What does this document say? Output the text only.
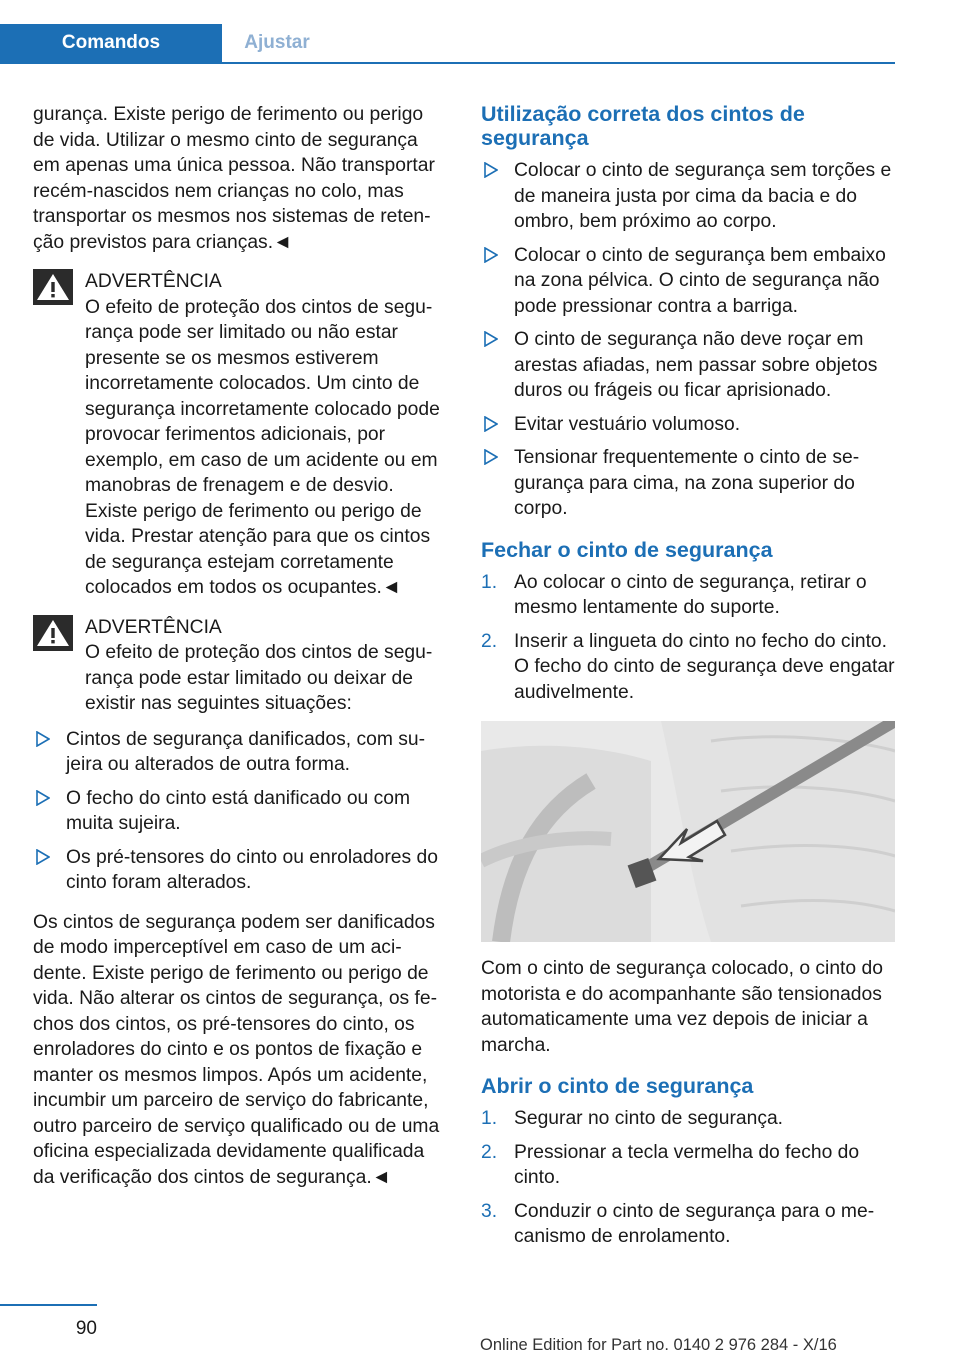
Comandos	Ajustar

gurança. Existe perigo de ferimento ou perigo de vida. Utilizar o mesmo cinto de segurança em apenas uma única pessoa. Não transportar recém-nascidos nem crianças no colo, mas transportar os mesmos nos sistemas de retenção previstos para crianças.◄

ADVERTÊNCIA
O efeito de proteção dos cintos de segurança pode ser limitado ou não estar presente se os mesmos estiverem incorretamente colocados. Um cinto de segurança incorretamente colocado pode provocar ferimentos adicionais, por exemplo, em caso de um acidente ou em manobras de frenagem e de desvio. Existe perigo de ferimento ou perigo de vida. Prestar atenção para que os cintos de segurança estejam corretamente colocados em todos os ocupantes.◄
ADVERTÊNCIA
O efeito de proteção dos cintos de segurança pode estar limitado ou deixar de existir nas seguintes situações:
Cintos de segurança danificados, com sujeira ou alterados de outra forma.
O fecho do cinto está danificado ou com muita sujeira.
Os pré-tensores do cinto ou enroladores do cinto foram alterados.

Os cintos de segurança podem ser danificados de modo imperceptível em caso de um acidente. Existe perigo de ferimento ou perigo de vida. Não alterar os cintos de segurança, os fechos dos cintos, os pré-tensores do cinto, os enroladores do cinto e os pontos de fixação e manter os mesmos limpos. Após um acidente, incumbir um parceiro de serviço do fabricante, outro parceiro de serviço qualificado ou de uma oficina especializada devidamente qualificada da verificação dos cintos de segurança.◄

Utilização correta dos cintos de segurança
Colocar o cinto de segurança sem torções e de maneira justa por cima da bacia e do ombro, bem próximo ao corpo.
Colocar o cinto de segurança bem embaixo na zona pélvica. O cinto de segurança não pode pressionar contra a barriga.
O cinto de segurança não deve roçar em arestas afiadas, nem passar sobre objetos duros ou frágeis ou ficar aprisionado.
Evitar vestuário volumoso.
Tensionar frequentemente o cinto de segurança para cima, na zona superior do corpo.
Fechar o cinto de segurança
1. Ao colocar o cinto de segurança, retirar o mesmo lentamente do suporte.
2. Inserir a lingueta do cinto no fecho do cinto. O fecho do cinto de segurança deve engatar audivelmente.

Com o cinto de segurança colocado, o cinto do motorista e do acompanhante são tensionados automaticamente uma vez depois de iniciar a marcha.

Abrir o cinto de segurança
1. Segurar no cinto de segurança.
2. Pressionar a tecla vermelha do fecho do cinto.
3. Conduzir o cinto de segurança para o mecanismo de enrolamento.
90
Online Edition for Part no. 0140 2 976 284 - X/16
